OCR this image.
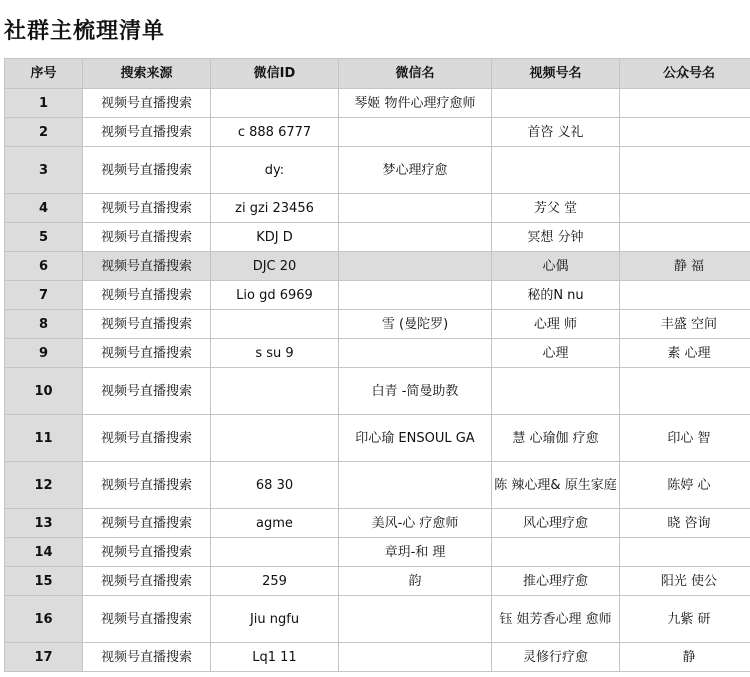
社群主梳理清单
序号	搜索来源	微信ID	微信名	视频号名	公众号名
1	视频号直播搜索		琴姬 物件心理疗愈师		
2	视频号直播搜索	c 888 6777		首咨 义礼	
3	视频号直播搜索	dy:	梦心理疗愈		
4	视频号直播搜索	zi gzi 23456		芳父 堂	
5	视频号直播搜索	KDJ D		冥想 分钟	
6	视频号直播搜索	DJC 20		心偶	静 福
7	视频号直播搜索	Lio gd 6969		秘的N nu	
8	视频号直播搜索		雪 (曼陀罗)	心理 师	丰盛 空间
9	视频号直播搜索	s su 9		心理	素 心理
10	视频号直播搜索		白青 -简曼助教		
11	视频号直播搜索		印心瑜 ENSOUL GA	慧 心瑜伽 疗愈	印心 智
12	视频号直播搜索	68 30		陈 辣心理& 原生家庭	陈婷 心
13	视频号直播搜索	agme	美风-心 疗愈师	风心理疗愈	晓 咨询
14	视频号直播搜索		章玥-和 理		
15	视频号直播搜索	259	韵	推心理疗愈	阳光 使公
16	视频号直播搜索	Jiu ngfu		钰 姐芳香心理 愈师	九紫 研
17	视频号直播搜索	Lq1 11		灵修行疗愈	静
